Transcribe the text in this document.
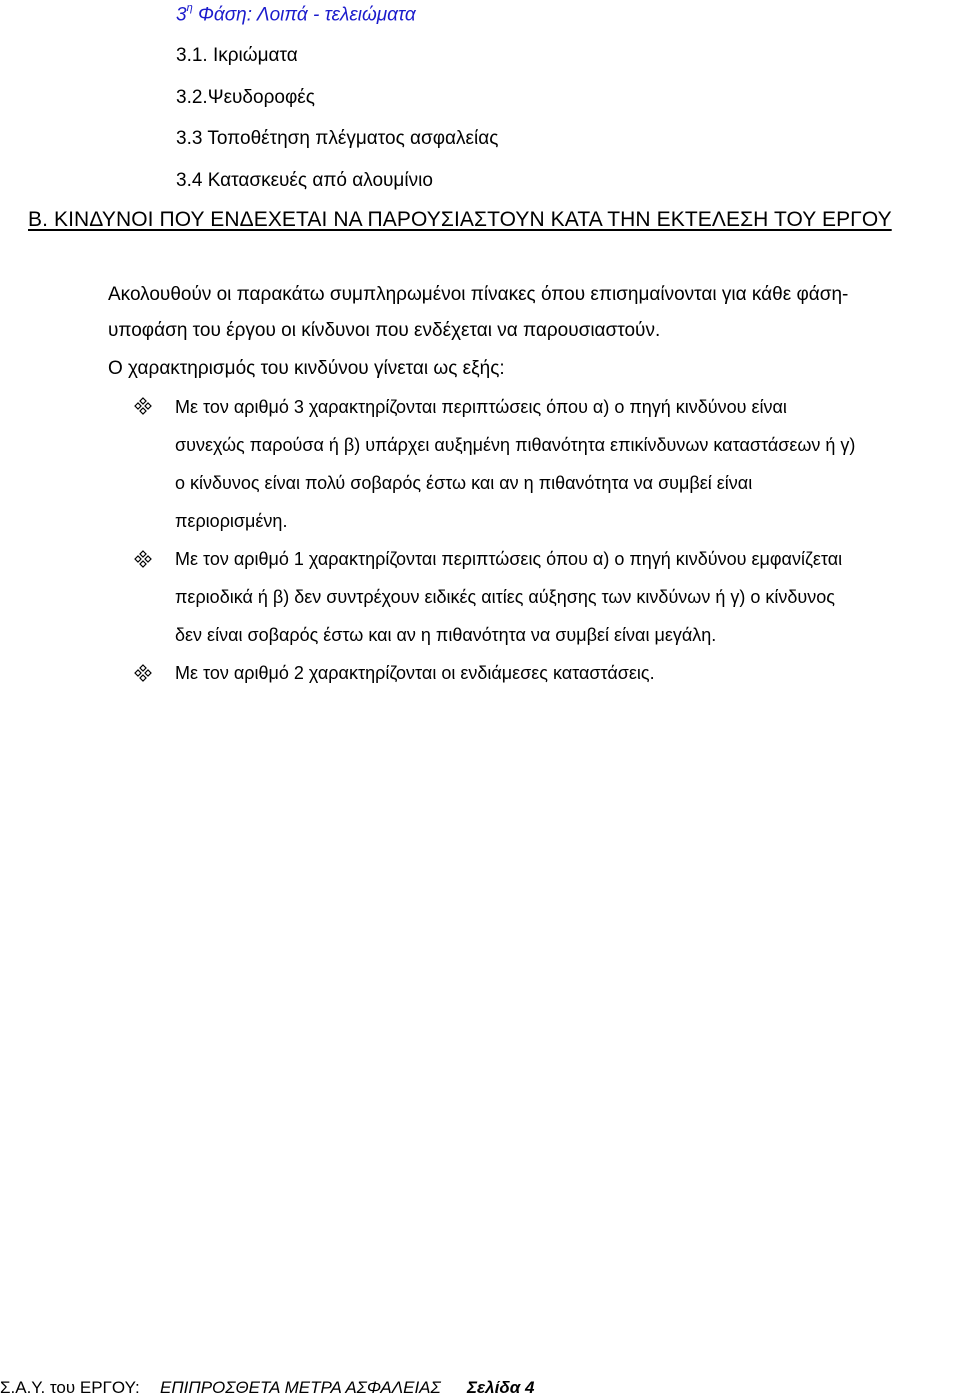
$3^\eta$ Φάση: Λοιπά - τελειώματα
3.1. Ικριώματα
3.2.Ψευδοροφές
3.3 Τοποθέτηση πλέγματος ασφαλείας
3.4 Κατασκευές από αλουμίνιο
Β. ΚΙΝΔΥΝΟΙ ΠΟΥ ΕΝΔΕΧΕΤΑΙ ΝΑ ΠΑΡΟΥΣΙΑΣΤΟΥΝ ΚΑΤΑ ΤΗΝ ΕΚΤΕΛΕΣΗ ΤΟΥ ΕΡΓΟΥ
Ακολουθούν οι παρακάτω συμπληρωμένοι πίνακες όπου επισημαίνονται για κάθε φάση-
υποφάση του έργου οι κίνδυνοι που ενδέχεται να παρουσιαστούν.
Ο χαρακτηρισμός του κινδύνου γίνεται ως εξής:
Με τον αριθμό 3 χαρακτηρίζονται περιπτώσεις όπου α) ο πηγή κινδύνου είναι
συνεχώς παρούσα ή β) υπάρχει αυξημένη πιθανότητα επικίνδυνων καταστάσεων ή γ)
ο κίνδυνος είναι πολύ σοβαρός έστω και αν η πιθανότητα να συμβεί είναι
περιορισμένη.
Με τον αριθμό 1 χαρακτηρίζονται περιπτώσεις όπου α) ο πηγή κινδύνου εμφανίζεται
περιοδικά ή β) δεν συντρέχουν ειδικές αιτίες αύξησης των κινδύνων ή γ) ο κίνδυνος
δεν είναι σοβαρός έστω και αν η πιθανότητα να συμβεί είναι μεγάλη.
Με τον αριθμό 2 χαρακτηρίζονται οι ενδιάμεσες καταστάσεις.
Σ.Α.Υ. του ΕΡΓΟΥ: ΕΠΙΠΡΟΣΘΕΤΑ ΜΕΤΡΑ ΑΣΦΑΛΕΙΑΣ Σελίδα 4
